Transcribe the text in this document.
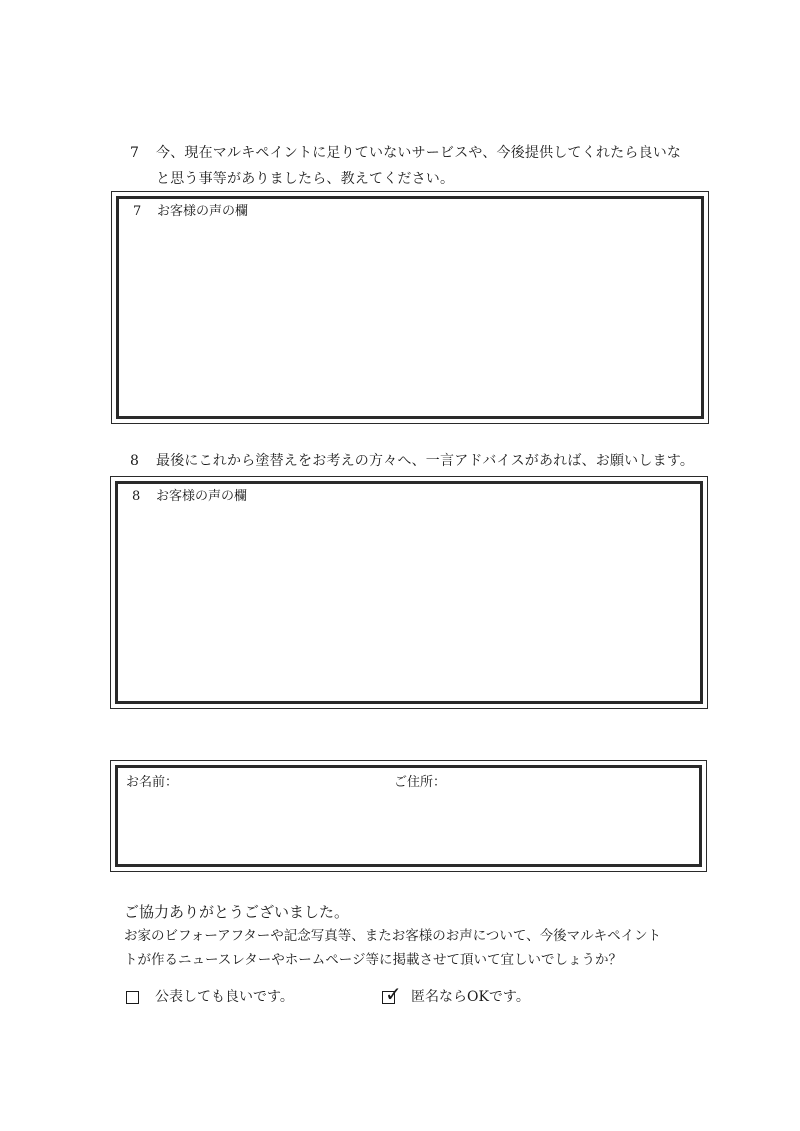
7 今、現在マルキペイントに足りていないサービスや、今後提供してくれたら良いな
と思う事等がありましたら、教えてください。
7 お客様の声の欄
8 最後にこれから塗替えをお考えの方々へ、一言アドバイスがあれば、お願いします。
8 お客様の声の欄
お名前：	ご住所：
ご協力ありがとうございました。
お家のビフォーアフターや記念写真等、またお客様のお声について、今後マルキペイント
トが作るニュースレターやホームページ等に掲載させて頂いて宜しいでしょうか？
公表しても良いです。	✓ 匿名ならOKです。
